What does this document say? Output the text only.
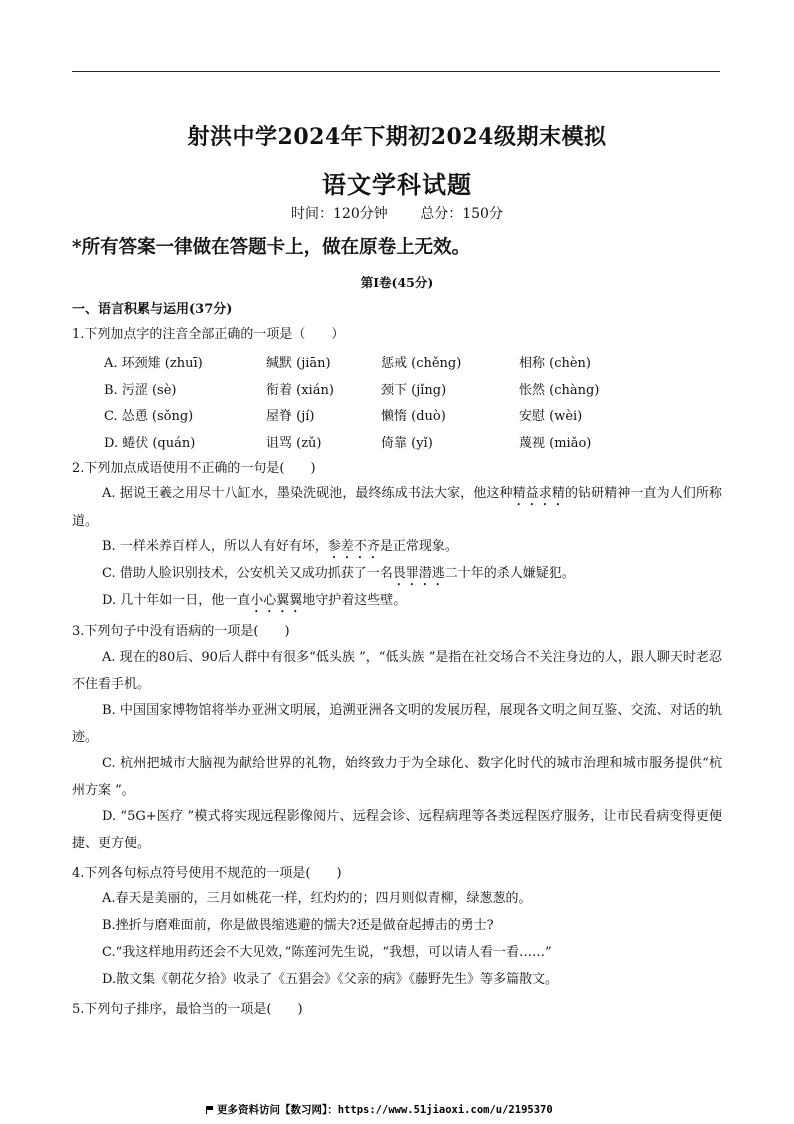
射洪中学2024年下期初2024级期末模拟
语文学科试题
时间：120分钟 总分：150分
*所有答案一律做在答题卡上，做在原卷上无效。
第Ⅰ卷(45分)
一、语言积累与运用(37分)
1.下列加点字的注音全部正确的一项是（　　）
A. 环颈雉 (zhuī)	缄默 (jiān)	惩戒 (chěng)	相称 (chèn)
B. 污涩 (sè)	衔着 (xián)	颈下 (jǐng)	怅然 (chàng)
C. 怂恿 (sǒng)	屋脊 (jí)	懒惰 (duò)	安慰 (wèi)
D. 蜷伏 (quán)	诅骂 (zǔ)	倚靠 (yǐ)	蔑视 (miǎo)
2.下列加点成语使用不正确的一句是(　　)
A. 据说王羲之用尽十八缸水，墨染洗砚池，最终练成书法大家，他这种精益求精的钻研精神一直为人们所称道。
B. 一样米养百样人，所以人有好有坏，参差不齐是正常现象。
C. 借助人脸识别技术，公安机关又成功抓获了一名畏罪潜逃二十年的杀人嫌疑犯。
D. 几十年如一日，他一直小心翼翼地守护着这些壁。
3.下列句子中没有语病的一项是(　　)
A. 现在的80后、90后人群中有很多“低头族 ”，“低头族 ”是指在社交场合不关注身边的人，跟人聊天时老忍不住看手机。
B. 中国国家博物馆将举办亚洲文明展，追溯亚洲各文明的发展历程，展现各文明之间互鉴、交流、对话的轨迹。
C. 杭州把城市大脑视为献给世界的礼物，始终致力于为全球化、数字化时代的城市治理和城市服务提供“杭州方案 ”。
D. “5G+医疗 ”模式将实现远程影像阅片、远程会诊、远程病理等各类远程医疗服务，让市民看病变得更便捷、更方便。
4.下列各句标点符号使用不规范的一项是(　　)
A.春天是美丽的，三月如桃花一样，红灼灼的；四月则似青柳，绿葱葱的。
B.挫折与磨难面前，你是做畏缩逃避的懦夫?还是做奋起搏击的勇士?
C.“我这样地用药还会不大见效，”陈莲河先生说，“我想，可以请人看一看……”
D.散文集《朝花夕拾》收录了《五猖会》《父亲的病》《藤野先生》等多篇散文。
5.下列句子排序，最恰当的一项是(　　)
更多资料访问【数习网】：https://www.51jiaoxi.com/u/2195370
